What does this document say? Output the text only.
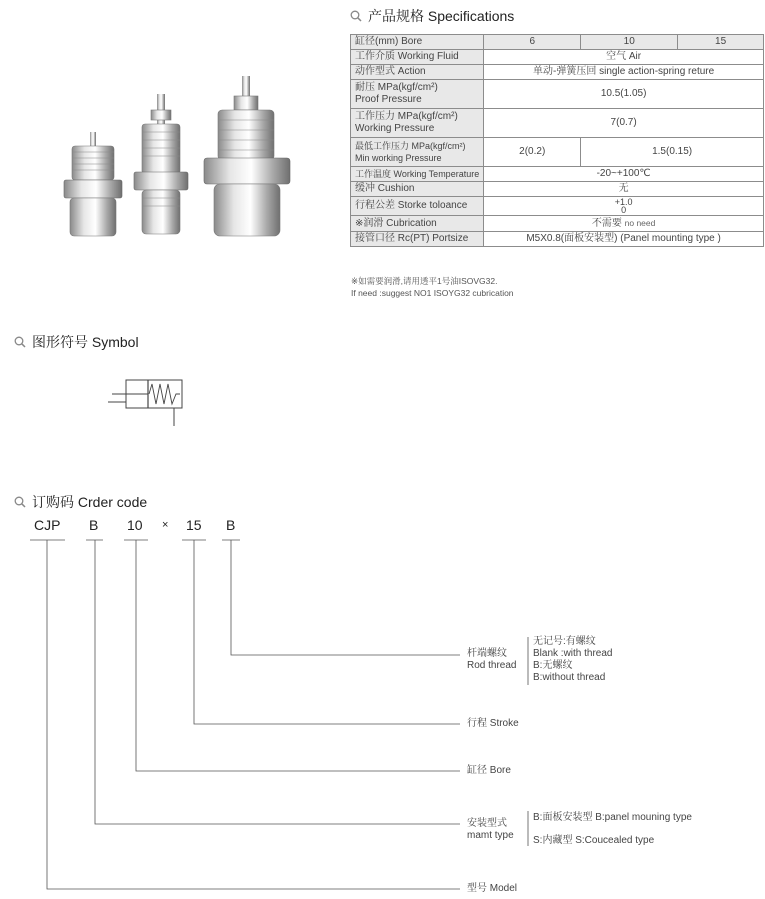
产品规格 Specifications
缸径(mm) Bore	6	10	15
工作介质 Working Fluid	空气 Air		
动作型式 Action	单动-弹簧压回 single action-spring reture		

耐压 MPa(kgf/cm²)
Proof Pressure	10.5(1.05)		

工作压力 MPa(kgf/cm²)
Working Pressure	7(0.7)		

最低工作压力 MPa(kgf/cm²)
Min working Pressure	2(0.2)	1.5(0.15)	
工作温度 Working Temperature	-20~+100℃		
缓冲 Cushion	无		
行程公差 Storke toloance	+1.0
0		

※润滑 Cubrication	不需要 no need		
接管口径 Rc(PT) Portsize	M5X0.8(面板安装型) (Panel mounting type )		
※如需要润滑,请用透平1号油ISOVG32.
If need :suggest NO1 ISOYG32 cubrication
图形符号 Symbol
订购码 Crder code
CJP B 10 × 15 B
杆端螺纹
Rod thread
无记号:有螺纹
Blank :with thread
B:无螺纹
B:without thread
行程 Stroke
缸径 Bore
安装型式
mamt type
B:面板安装型 B:panel mouning type
S:内藏型 S:Coucealed type
型号 Model
